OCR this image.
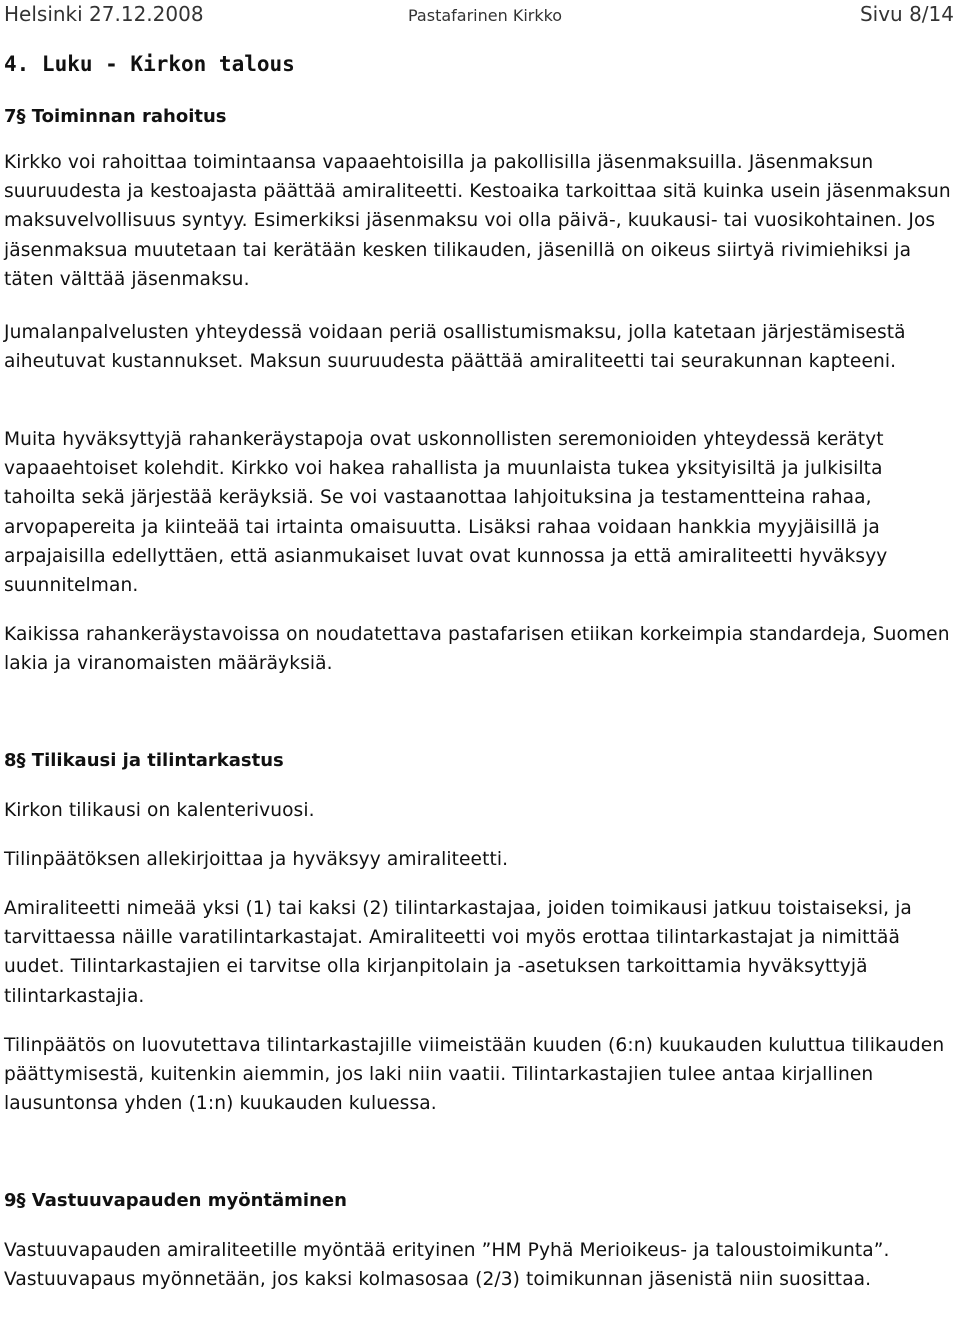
Helsinki 27.12.2008	Pastafarinen Kirkko	Sivu 8/14
4. Luku - Kirkon talous
7§ Toiminnan rahoitus

Kirkko voi rahoittaa toimintaansa vapaaehtoisilla ja pakollisilla jäsenmaksuilla. Jäsenmaksun suuruudesta ja kestoajasta päättää amiraliteetti. Kestoaika tarkoittaa sitä kuinka usein jäsenmaksun maksuvelvollisuus syntyy. Esimerkiksi jäsenmaksu voi olla päivä-, kuukausi- tai vuosikohtainen. Jos jäsenmaksua muutetaan tai kerätään kesken tilikauden, jäsenillä on oikeus siirtyä rivimiehiksi ja täten välttää jäsenmaksu.

Jumalanpalvelusten yhteydessä voidaan periä osallistumismaksu, jolla katetaan järjestämisestä aiheutuvat kustannukset. Maksun suuruudesta päättää amiraliteetti tai seurakunnan kapteeni.

Muita hyväksyttyjä rahankeräystapoja ovat uskonnollisten seremonioiden yhteydessä kerätyt vapaaehtoiset kolehdit. Kirkko voi hakea rahallista ja muunlaista tukea yksityisiltä ja julkisilta tahoilta sekä järjestää keräyksiä. Se voi vastaanottaa lahjoituksina ja testamentteina rahaa, arvopapereita ja kiinteää tai irtainta omaisuutta. Lisäksi rahaa voidaan hankkia myyjäisillä ja arpajaisilla edellyttäen, että asianmukaiset luvat ovat kunnossa ja että amiraliteetti hyväksyy suunnitelman.

Kaikissa rahankeräystavoissa on noudatettava pastafarisen etiikan korkeimpia standardeja, Suomen lakia ja viranomaisten määräyksiä.

8§ Tilikausi ja tilintarkastus

Kirkon tilikausi on kalenterivuosi.

Tilinpäätöksen allekirjoittaa ja hyväksyy amiraliteetti.

Amiraliteetti nimeää yksi (1) tai kaksi (2) tilintarkastajaa, joiden toimikausi jatkuu toistaiseksi, ja tarvittaessa näille varatilintarkastajat. Amiraliteetti voi myös erottaa tilintarkastajat ja nimittää uudet. Tilintarkastajien ei tarvitse olla kirjanpitolain ja -asetuksen tarkoittamia hyväksyttyjä tilintarkastajia.

Tilinpäätös on luovutettava tilintarkastajille viimeistään kuuden (6:n) kuukauden kuluttua tilikauden päättymisestä, kuitenkin aiemmin, jos laki niin vaatii. Tilintarkastajien tulee antaa kirjallinen lausuntonsa yhden (1:n) kuukauden kuluessa.

9§ Vastuuvapauden myöntäminen

Vastuuvapauden amiraliteetille myöntää erityinen ”HM Pyhä Merioikeus- ja taloustoimikunta”. Vastuuvapaus myönnetään, jos kaksi kolmasosaa (2/3) toimikunnan jäsenistä niin suosittaa.
